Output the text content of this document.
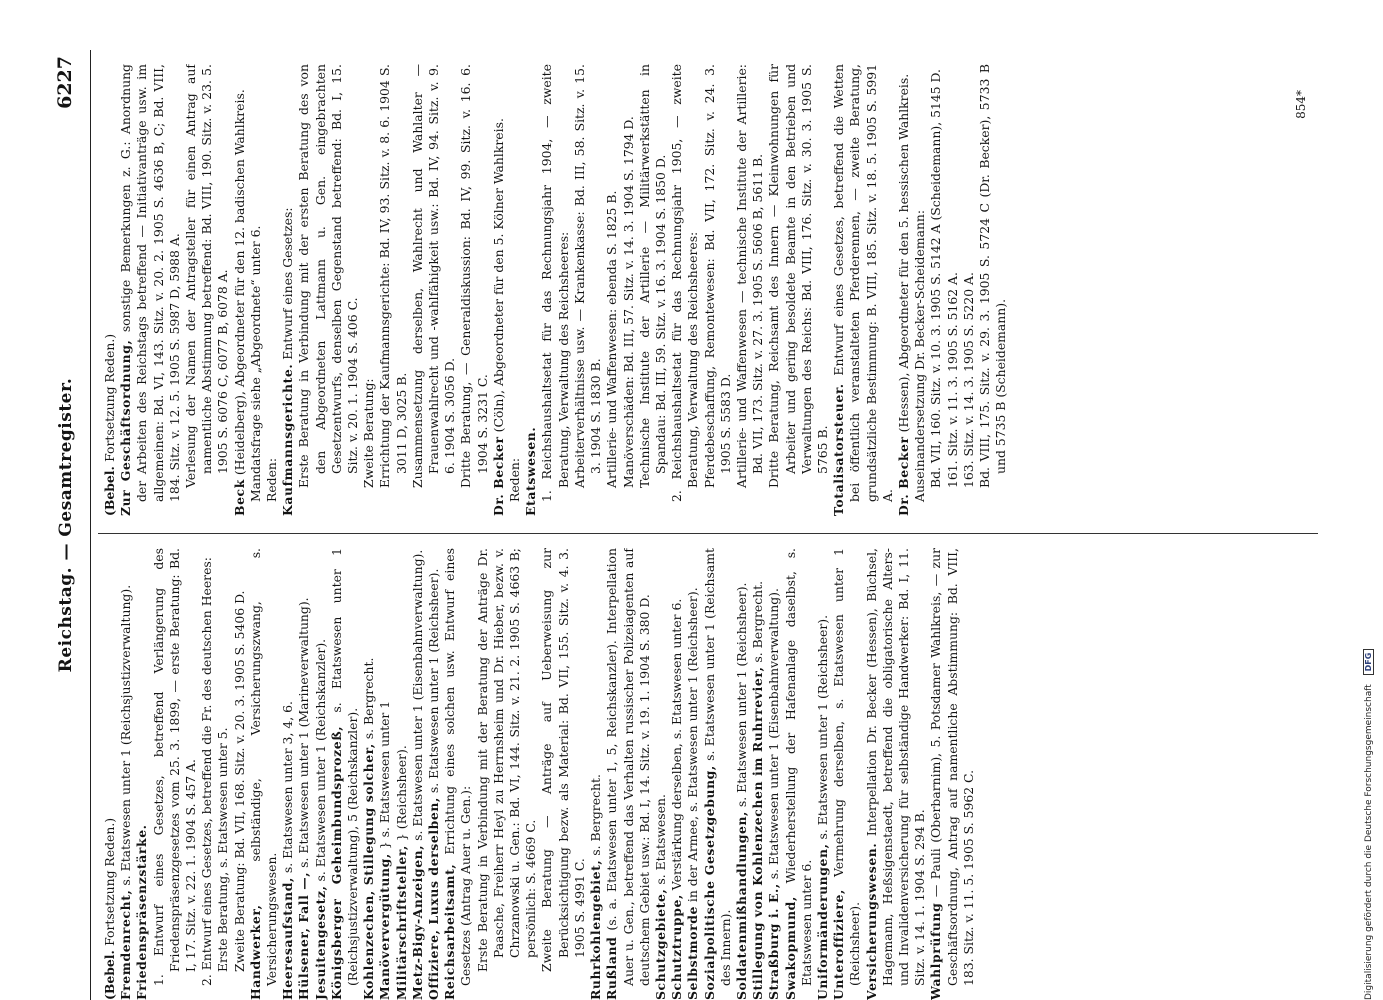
Reichstag. — Gesamtregister.
6227

(Bebel. Fortsetzung Reden.) Fremdenrecht, s. Etatswesen unter 1 (Reichsjustizverwaltung).

Friedenspräsenzstärke. 1. Entwurf eines Gesetzes, betreffend Verlängerung des Friedenspräsenzgesetzes vom 25. 3. 1899, — erste Beratung: Bd. I, 17. Sitz. v. 22. 1. 1904 S. 457 A. 2. Entwurf eines Gesetzes, betreffend die Fr. des deutschen Heeres: Erste Beratung, s. Etatswesen unter 5. Zweite Beratung: Bd. VII, 168. Sitz. v. 20. 3. 1905 S. 5406 D. Handwerker, selbständige, Versicherungszwang, s. Versicherungswesen. Heeresaufstand, s. Etatswesen unter 3, 4, 6.

Hülsener, Fall —, s. Etatswesen unter 1 (Marineverwaltung).

Jesuitengesetz, s. Etatswesen unter 1 (Reichskanzler). Königsberger Geheimbundsprozeß, s. Etatswesen unter 1 (Reichsjustizverwaltung), 5 (Reichskanzler). Kohlenzechen, Stillegung solcher, s. Bergrecht.

Manöververgütung, } s. Etatswesen unter 1

Militärschriftsteller, } (Reichsheer).

Metz-Bigy-Anzeigen, s. Etatswesen unter 1 (Eisenbahnverwaltung).

Offiziere, Luxus derselben, s. Etatswesen unter 1 (Reichsheer).

Reichsarbeitsamt, Errichtung eines solchen usw. Entwurf eines Gesetzes (Antrag Auer u. Gen.): Erste Beratung in Verbindung mit der Beratung der Anträge Dr. Paasche, Freiherr Heyl zu Herrnsheim und Dr. Hieber, bezw. v. Chrzanowski u. Gen.: Bd. VI, 144. Sitz. v. 21. 2. 1905 S. 4663 B; persönlich: S. 4669 C. Zweite Beratung — Anträge auf Ueberweisung zur Berücksichtigung bezw. als Material: Bd. VII, 155. Sitz. v. 4. 3. 1905 S. 4991 C. Ruhrkohlengebiet, s. Bergrecht.

Rußland (s. a. Etatswesen unter 1, 5, Reichskanzler). Interpellation Auer u. Gen., betreffend das Verhalten russischer Polizeiagenten auf deutschem Gebiet usw.: Bd. I, 14. Sitz. v. 19. 1. 1904 S. 380 D. Schutzgebiete, s. Etatswesen.

Schutztruppe, Verstärkung derselben, s. Etatswesen unter 6.

Selbstmorde in der Armee, s. Etatswesen unter 1 (Reichsheer). Sozialpolitische Gesetzgebung, s. Etatswesen unter 1 (Reichsamt des Innern). Soldatenmißhandlungen, s. Etatswesen unter 1 (Reichsheer). Stillegung von Kohlenzechen im Ruhrrevier, s. Bergrecht.

Straßburg i. E., s. Etatswesen unter 1 (Eisenbahnverwaltung).

Swakopmund, Wiederherstellung der Hafenanlage daselbst, s. Etatswesen unter 6. Uniformänderungen, s. Etatswesen unter 1 (Reichsheer).

Unteroffiziere, Vermehrung derselben, s. Etatswesen unter 1 (Reichsheer). Versicherungswesen. Interpellation Dr. Becker (Hessen), Büchsel, Hagemann, Heßsigenstaedt, betreffend die obligatorische Alters- und Invalidenversicherung für selbständige Handwerker: Bd. I, 11. Sitz. v. 14. 1. 1904 S. 294 B. Wahlprüfung — Pauli (Oberbarnim), 5. Potsdamer Wahlkreis, — zur Geschäftsordnung, Antrag auf namentliche Abstimmung: Bd. VIII, 183. Sitz. v. 11. 5. 1905 S. 5962 C.

(Bebel. Fortsetzung Reden.) Zur Geschäftsordnung, sonstige Bemerkungen z. G.: Anordnung der Arbeiten des Reichstags betreffend — Initiativanträge usw. im allgemeinen: Bd. VI, 143. Sitz. v. 20. 2. 1905 S. 4636 B, C; Bd. VIII, 184. Sitz. v. 12. 5. 1905 S. 5987 D, 5988 A. Verlesung der Namen der Antragsteller für einen Antrag auf namentliche Abstimmung betreffend: Bd. VIII, 190. Sitz. v. 23. 5. 1905 S. 6076 C, 6077 B, 6078 A.

Beck (Heidelberg), Abgeordneter für den 12. badischen Wahlkreis. Mandatsfrage siehe „Abgeordnete“ unter 6. Reden: Kaufmannsgerichte. Entwurf eines Gesetzes: Erste Beratung in Verbindung mit der ersten Beratung des von den Abgeordneten Lattmann u. Gen. eingebrachten Gesetzentwurfs, denselben Gegenstand betreffend: Bd. I, 15. Sitz. v. 20. 1. 1904 S. 406 C. Zweite Beratung: Errichtung der Kaufmannsgerichte: Bd. IV, 93. Sitz. v. 8. 6. 1904 S. 3011 D, 3025 B. Zusammensetzung derselben, Wahlrecht und Wahlalter — Frauenwahlrecht und -wahlfähigkeit usw.: Bd. IV, 94. Sitz. v. 9. 6. 1904 S. 3056 D. Dritte Beratung, — Generaldiskussion: Bd. IV, 99. Sitz. v. 16. 6. 1904 S. 3231 C.

Dr. Becker (Cöln), Abgeordneter für den 5. Kölner Wahlkreis.

Reden: Etatswesen. 1. Reichshaushaltsetat für das Rechnungsjahr 1904, — zweite Beratung, Verwaltung des Reichsheeres: Arbeiterverhältnisse usw. — Krankenkasse: Bd. III, 58. Sitz. v. 15. 3. 1904 S. 1830 B. Artillerie- und Waffenwesen: ebenda S. 1825 B. Manöverschäden: Bd. III, 57. Sitz. v. 14. 3. 1904 S. 1794 D. Technische Institute der Artillerie — Militärwerkstätten in Spandau: Bd. III, 59. Sitz. v. 16. 3. 1904 S. 1850 D. 2. Reichshaushaltsetat für das Rechnungsjahr 1905, — zweite Beratung, Verwaltung des Reichsheeres: Pferdebeschaffung, Remontewesen: Bd. VII, 172. Sitz. v. 24. 3. 1905 S. 5583 D. Artillerie- und Waffenwesen — technische Institute der Artillerie: Bd. VII, 173. Sitz. v. 27. 3. 1905 S. 5606 B, 5611 B. Dritte Beratung, Reichsamt des Innern — Kleinwohnungen für Arbeiter und gering besoldete Beamte in den Betrieben und Verwaltungen des Reichs: Bd. VIII, 176. Sitz. v. 30. 3. 1905 S. 5765 B. Totalisatorsteuer. Entwurf eines Gesetzes, betreffend die Wetten bei öffentlich veranstalteten Pferderennen, — zweite Beratung, grundsätzliche Bestimmung: B. VIII, 185. Sitz. v. 18. 5. 1905 S. 5991 A. Dr. Becker (Hessen), Abgeordneter für den 5. hessischen Wahlkreis. Auseinandersetzung Dr. Becker-Scheidemann: Bd. VII, 160. Sitz. v. 10. 3. 1905 S. 5142 A (Scheidemann), 5145 D. 161. Sitz. v. 11. 3. 1905 S. 5162 A. 163. Sitz. v. 14. 3. 1905 S. 5220 A. Bd. VIII, 175. Sitz. v. 29. 3. 1905 S. 5724 C (Dr. Becker), 5733 B und 5735 B (Scheidemann).

854*
Digitalisierung gefördert durch die Deutsche Forschungsgemeinschaft DFG
